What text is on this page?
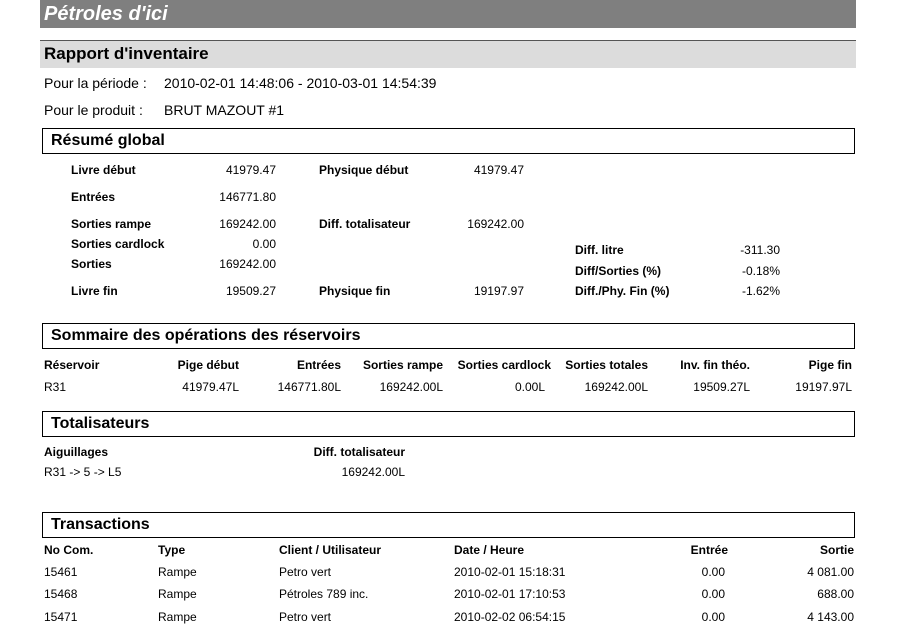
Pétroles d'ici
Rapport d'inventaire
Pour la période : 2010-02-01 14:48:06 - 2010-03-01 14:54:39
Pour le produit : BRUT MAZOUT #1
Résumé global
Livre début	41979.47	Physique début	41979.47
Entrées	146771.80
Sorties rampe	169242.00	Diff. totalisateur	169242.00
Sorties cardlock	0.00	Diff. litre	-311.30
Sorties	169242.00	Diff/Sorties (%)	-0.18%
Livre fin	19509.27	Physique fin	19197.97	Diff./Phy. Fin (%)	-1.62%
Sommaire des opérations des réservoirs
Réservoir	Pige début	Entrées	Sorties rampe	Sorties cardlock	Sorties totales	Inv. fin théo.	Pige fin
R31	41979.47L	146771.80L	169242.00L	0.00L	169242.00L	19509.27L	19197.97L
Totalisateurs
Aiguillages	Diff. totalisateur
R31 -> 5 -> L5	169242.00L
Transactions
No Com.	Type	Client / Utilisateur	Date / Heure	Entrée	Sortie
15461	Rampe	Petro vert	2010-02-01 15:18:31	0.00	4 081.00
15468	Rampe	Pétroles 789 inc.	2010-02-01 17:10:53	0.00	688.00
15471	Rampe	Petro vert	2010-02-02 06:54:15	0.00	4 143.00
